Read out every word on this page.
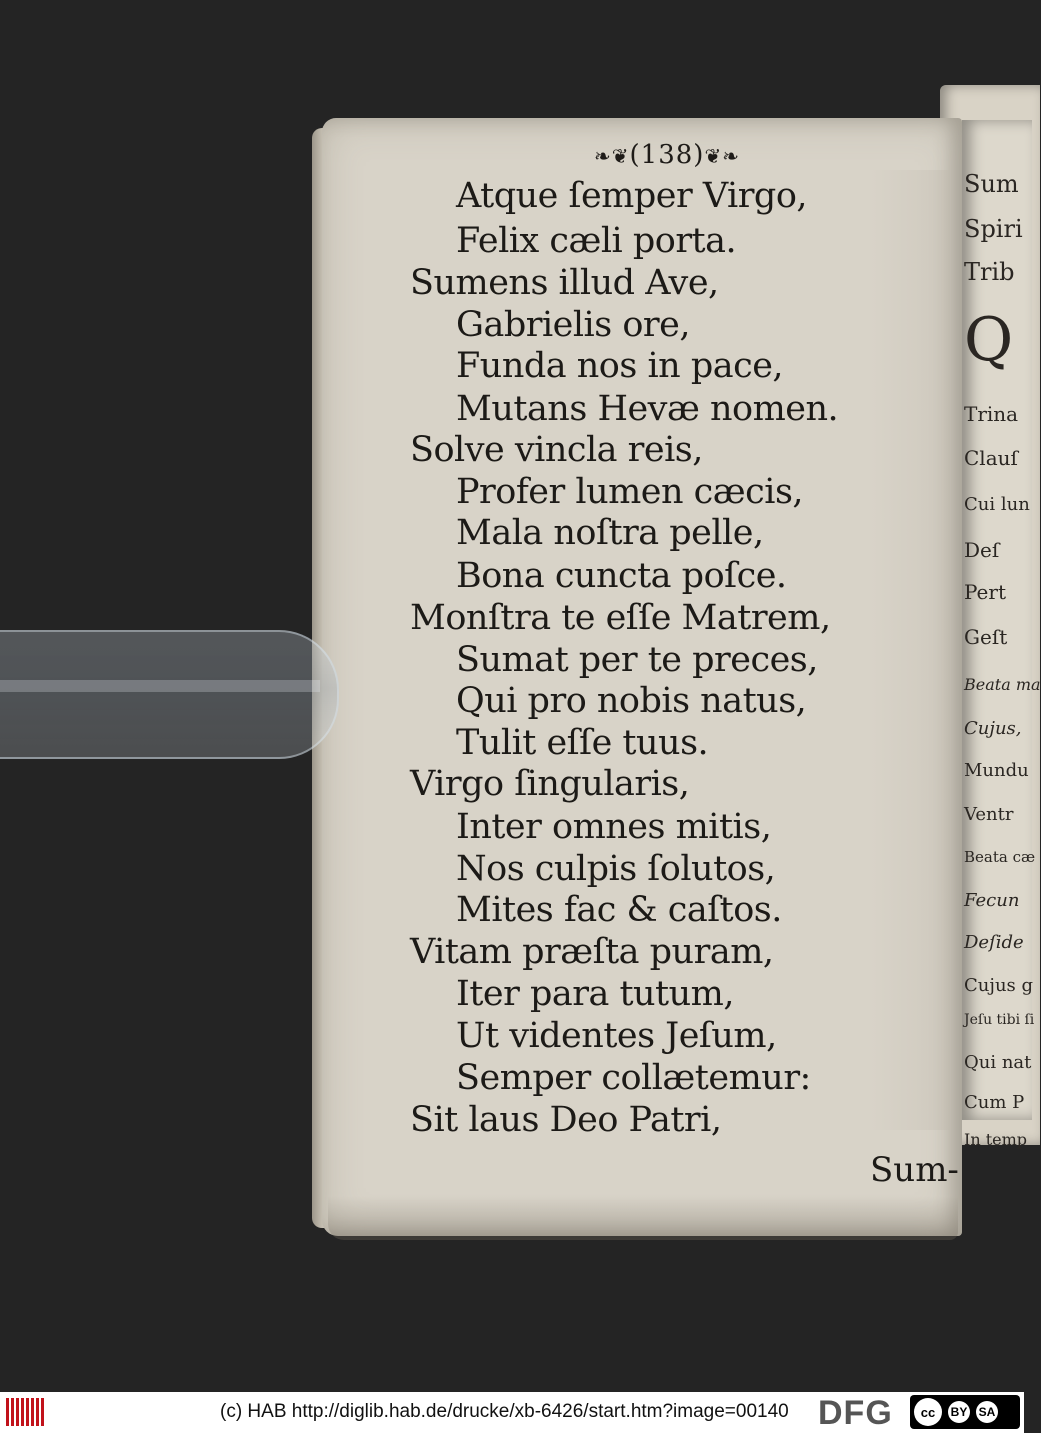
Sum
Spiri
Trib
Q
Trina
Clauſ
Cui lun
Deſ
Pert
Geſt
Beata ma
Cujus,
Mundu
Ventr
Beata cæ
Fecun
Deſide
Cujus g
Jeſu tibi ſi
Qui nat
Cum P
In temp
❧❦(138)❦❧
Atque ſemper Virgo,
Felix cæli porta.
Sumens illud Ave,
Gabrielis ore,
Funda nos in pace,
Mutans Hevæ nomen.
Solve vincla reis,
Profer lumen cæcis,
Mala noſtra pelle,
Bona cuncta poſce.
Monſtra te eſſe Matrem,
Sumat per te preces,
Qui pro nobis natus,
Tulit eſſe tuus.
Virgo ſingularis,
Inter omnes mitis,
Nos culpis ſolutos,
Mites fac & caſtos.
Vitam præſta puram,
Iter para tutum,
Ut videntes Jeſum,
Semper collætemur:
Sit laus Deo Patri,
Sum-
(c) HAB http://diglib.hab.de/drucke/xb-6426/start.htm?image=00140 DFG	cc	BY SA
